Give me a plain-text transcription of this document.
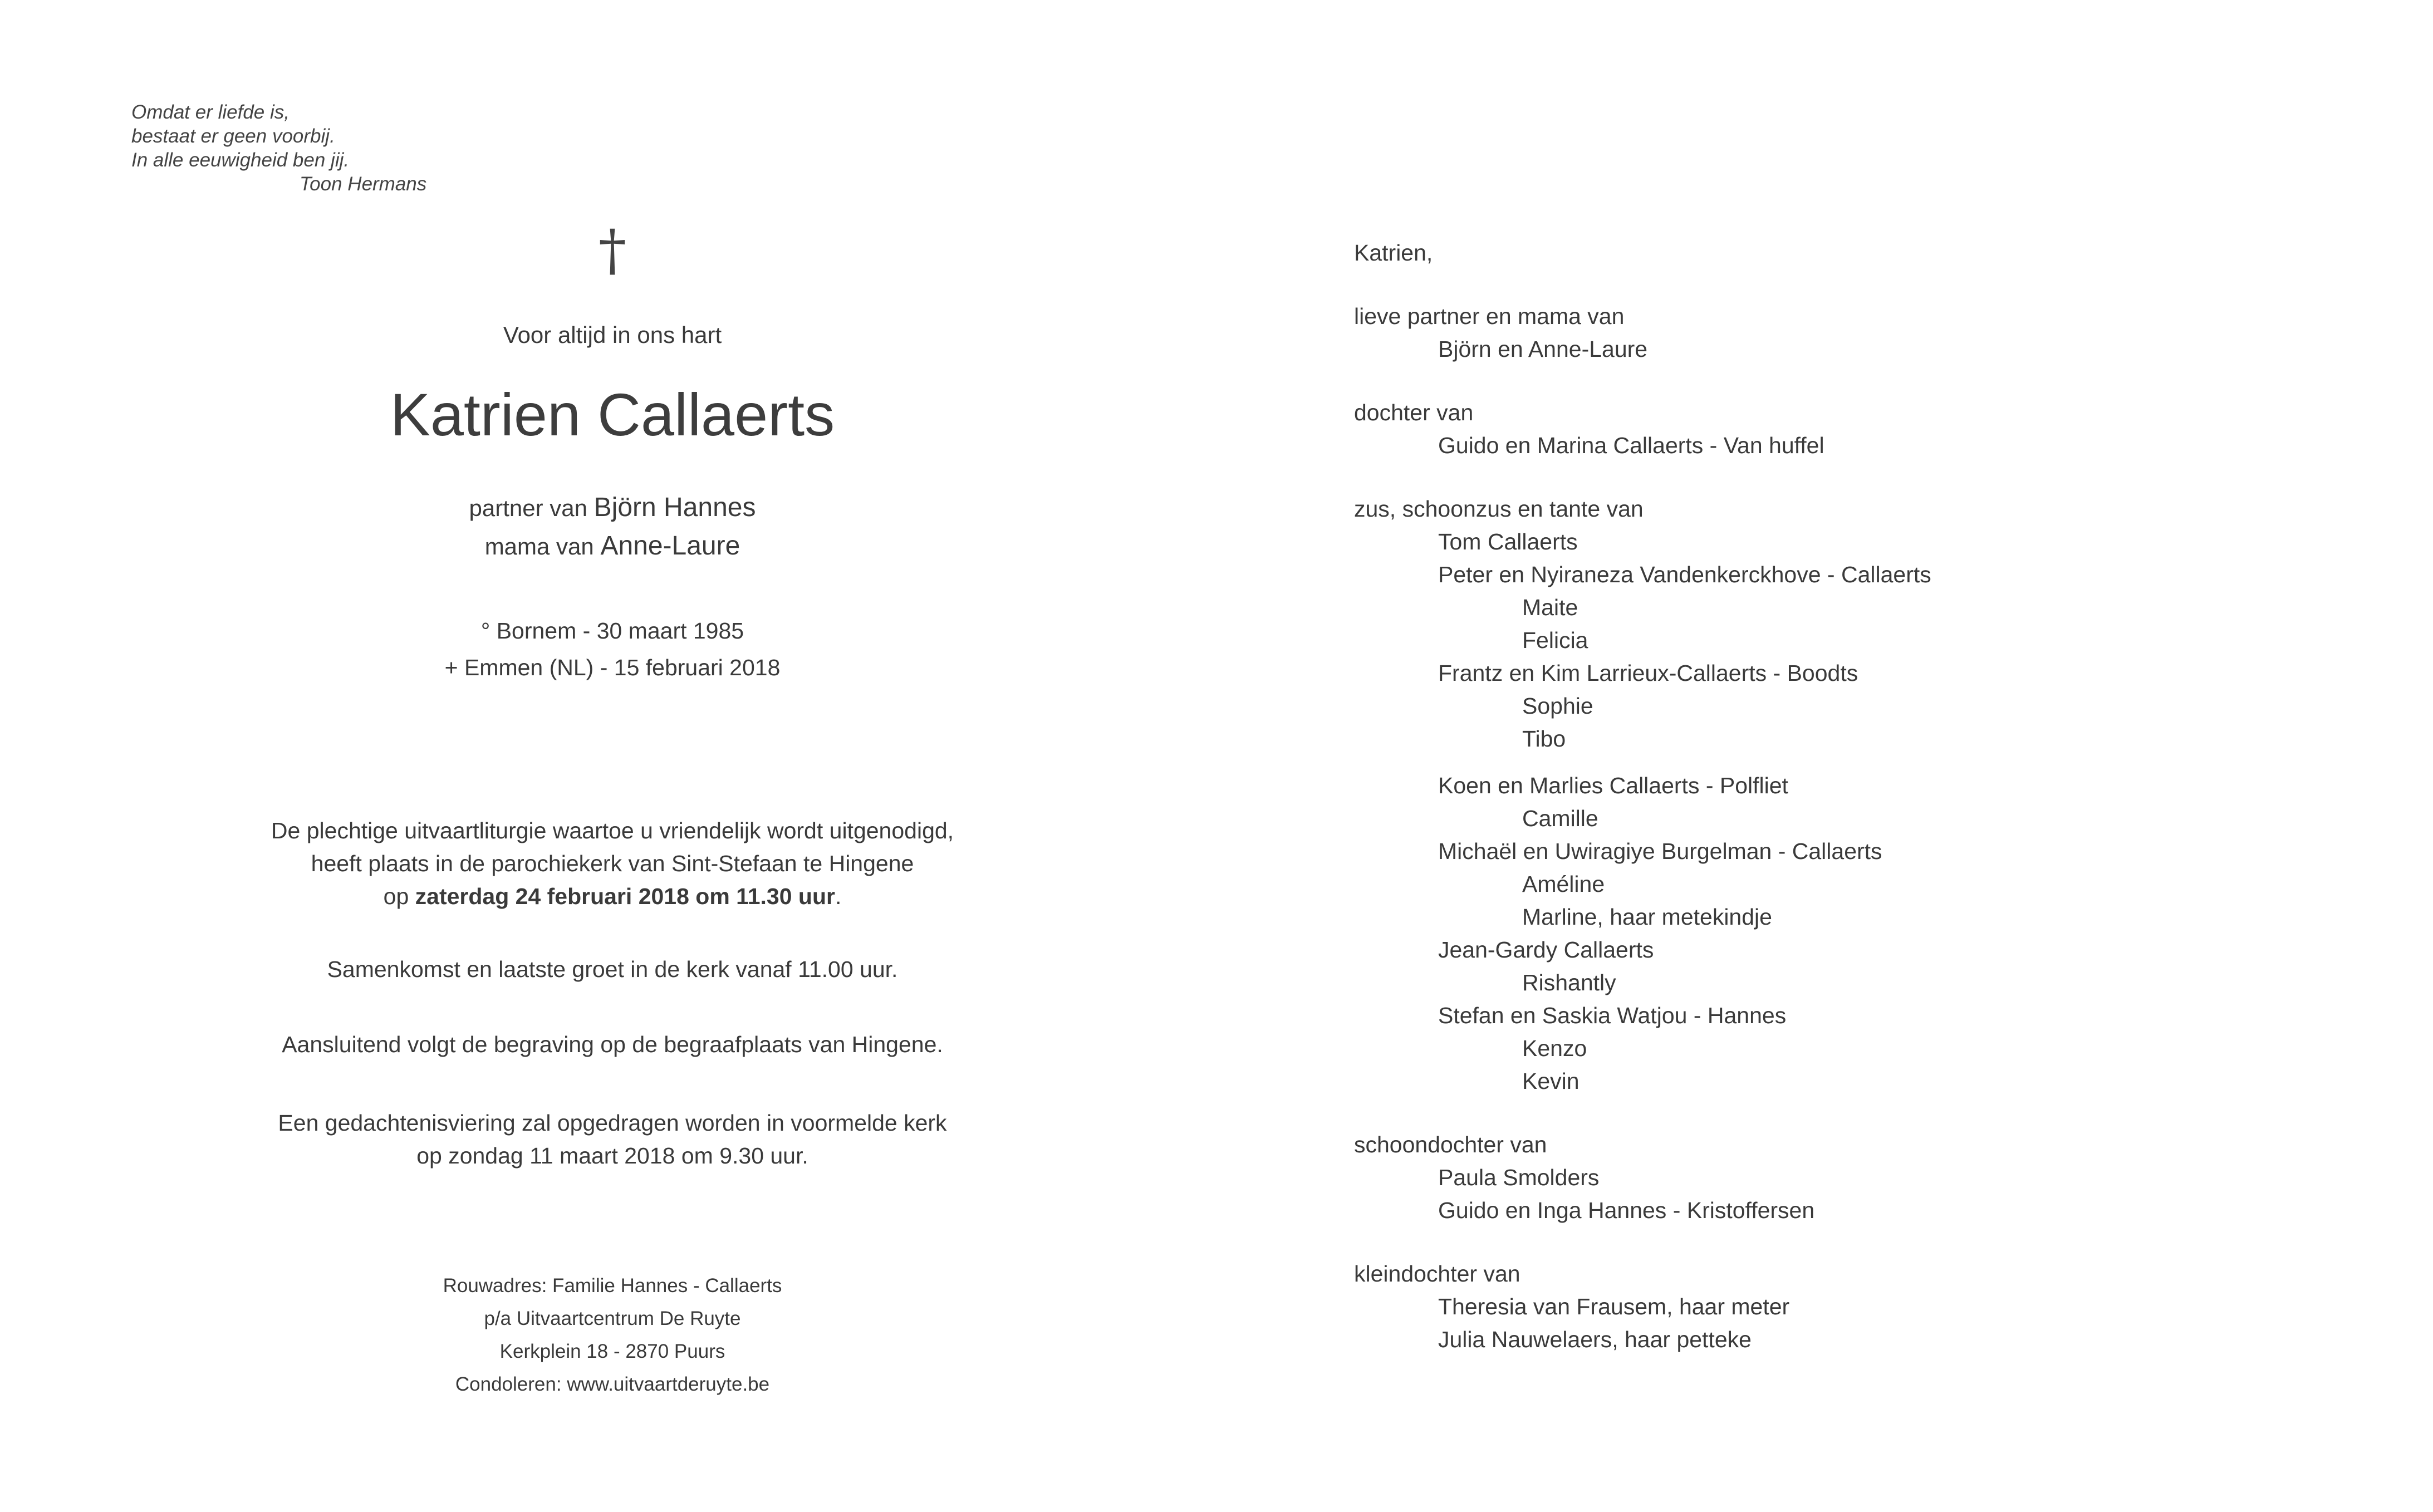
Omdat er liefde is,
bestaat er geen voorbij.
In alle eeuwigheid ben jij.
Toon Hermans
†
Voor altijd in ons hart
Katrien Callaerts
partner van Björn Hannes
mama van Anne-Laure
° Bornem - 30 maart 1985
+ Emmen (NL) - 15 februari 2018
De plechtige uitvaartliturgie waartoe u vriendelijk wordt uitgenodigd,
heeft plaats in de parochiekerk van Sint-Stefaan te Hingene
op zaterdag 24 februari 2018 om 11.30 uur.
Samenkomst en laatste groet in de kerk vanaf 11.00 uur.
Aansluitend volgt de begraving op de begraafplaats van Hingene.
Een gedachtenisviering zal opgedragen worden in voormelde kerk
op zondag 11 maart 2018 om 9.30 uur.
Rouwadres: Familie Hannes - Callaerts
p/a Uitvaartcentrum De Ruyte
Kerkplein 18 - 2870 Puurs
Condoleren: www.uitvaartderuyte.be
Katrien,
lieve partner en mama van
Björn en Anne-Laure
dochter van
Guido en Marina Callaerts - Van huffel
zus, schoonzus en tante van
Tom Callaerts
Peter en Nyiraneza Vandenkerckhove - Callaerts
Maite
Felicia
Frantz en Kim Larrieux-Callaerts - Boodts
Sophie
Tibo
Koen en Marlies Callaerts - Polfliet
Camille
Michaël en Uwiragiye Burgelman - Callaerts
Améline
Marline, haar metekindje
Jean-Gardy Callaerts
Rishantly
Stefan en Saskia Watjou - Hannes
Kenzo
Kevin
schoondochter van
Paula Smolders
Guido en Inga Hannes - Kristoffersen
kleindochter van
Theresia van Frausem, haar meter
Julia Nauwelaers, haar petteke
